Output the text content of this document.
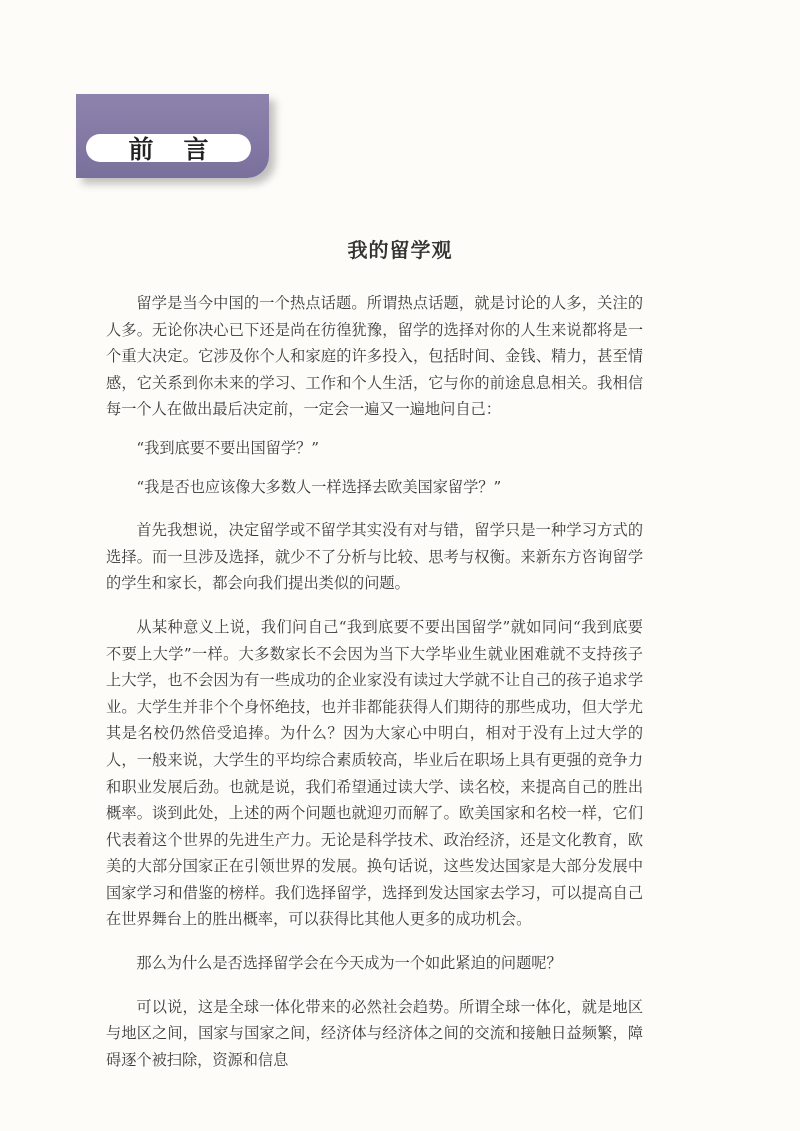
前言
我的留学观

留学是当今中国的一个热点话题。所谓热点话题，就是讨论的人多，关注的人多。无论你决心已下还是尚在彷徨犹豫，留学的选择对你的人生来说都将是一个重大决定。它涉及你个人和家庭的许多投入，包括时间、金钱、精力，甚至情感，它关系到你未来的学习、工作和个人生活，它与你的前途息息相关。我相信每一个人在做出最后决定前，一定会一遍又一遍地问自己：

“我到底要不要出国留学？”

“我是否也应该像大多数人一样选择去欧美国家留学？”

首先我想说，决定留学或不留学其实没有对与错，留学只是一种学习方式的选择。而一旦涉及选择，就少不了分析与比较、思考与权衡。来新东方咨询留学的学生和家长，都会向我们提出类似的问题。

从某种意义上说，我们问自己“我到底要不要出国留学”就如同问“我到底要不要上大学”一样。大多数家长不会因为当下大学毕业生就业困难就不支持孩子上大学，也不会因为有一些成功的企业家没有读过大学就不让自己的孩子追求学业。大学生并非个个身怀绝技，也并非都能获得人们期待的那些成功，但大学尤其是名校仍然倍受追捧。为什么？因为大家心中明白，相对于没有上过大学的人，一般来说，大学生的平均综合素质较高，毕业后在职场上具有更强的竞争力和职业发展后劲。也就是说，我们希望通过读大学、读名校，来提高自己的胜出概率。谈到此处，上述的两个问题也就迎刃而解了。欧美国家和名校一样，它们代表着这个世界的先进生产力。无论是科学技术、政治经济，还是文化教育，欧美的大部分国家正在引领世界的发展。换句话说，这些发达国家是大部分发展中国家学习和借鉴的榜样。我们选择留学，选择到发达国家去学习，可以提高自己在世界舞台上的胜出概率，可以获得比其他人更多的成功机会。

那么为什么是否选择留学会在今天成为一个如此紧迫的问题呢？

可以说，这是全球一体化带来的必然社会趋势。所谓全球一体化，就是地区与地区之间，国家与国家之间，经济体与经济体之间的交流和接触日益频繁，障碍逐个被扫除，资源和信息
